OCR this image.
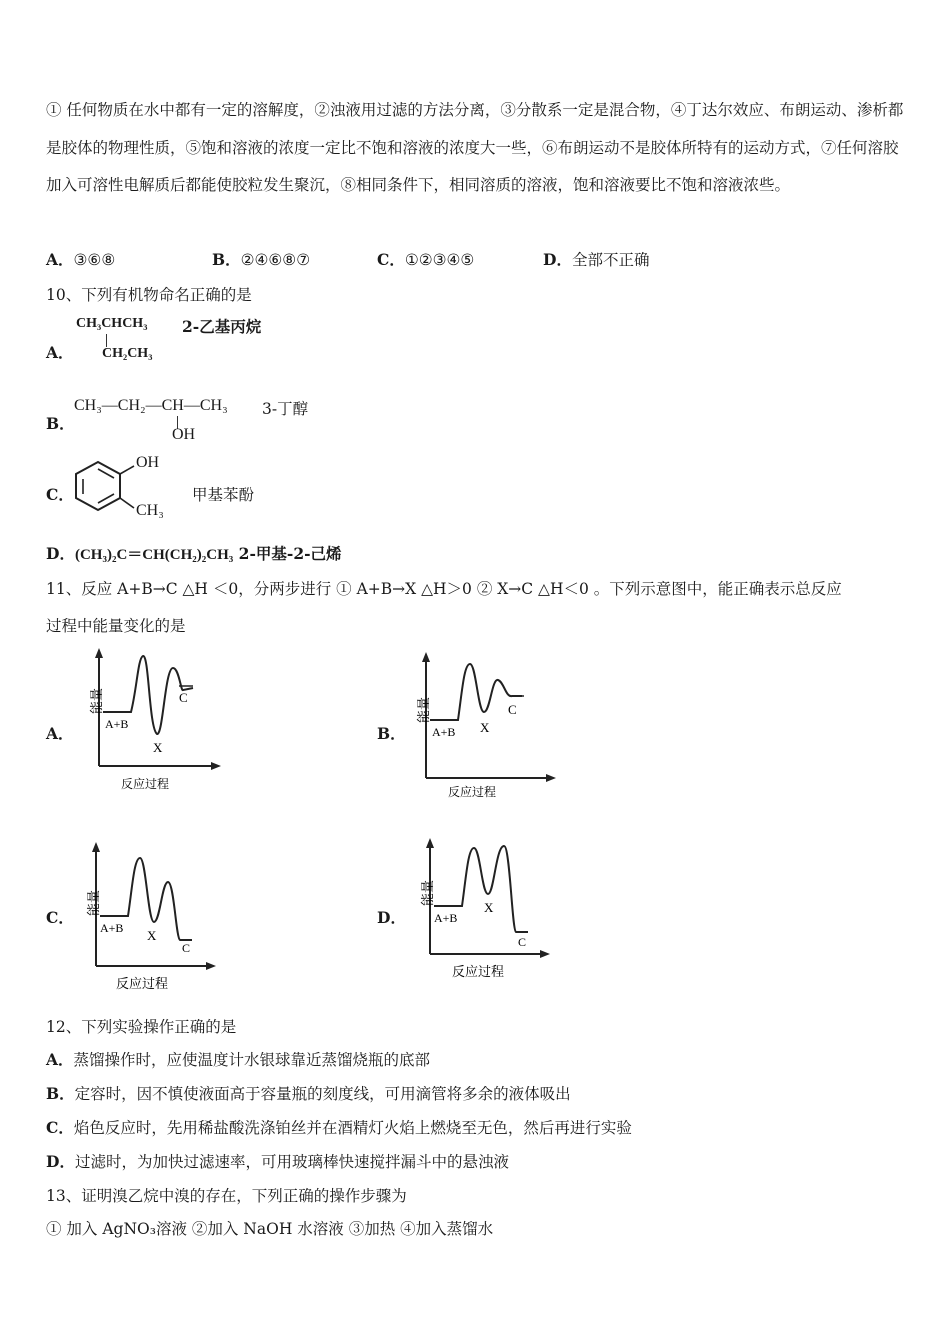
① 任何物质在水中都有一定的溶解度，②浊液用过滤的方法分离，③分散系一定是混合物，④丁达尔效应、布朗运动、渗析都是胶体的物理性质，⑤饱和溶液的浓度一定比不饱和溶液的浓度大一些，⑥布朗运动不是胶体所特有的运动方式，⑦任何溶胶加入可溶性电解质后都能使胶粒发生聚沉，⑧相同条件下，相同溶质的溶液，饱和溶液要比不饱和溶液浓些。
A．③⑥⑧	B．②④⑥⑧⑦	C．①②③④⑤	D．全部不正确
10、下列有机物命名正确的是
A．
CH₃CHCH₃
CH₂CH₃
2-乙基丙烷
B．
CH₃—CH₂—CH—CH₃
OH
3-丁醇
C．
OH
CH₃
甲基苯酚
D．(CH₃)₂C＝CH(CH₂)₂CH₃ 2-甲基-2-己烯
11、反应 A+B→C △H ＜0，分两步进行 ① A+B→X △H＞0 ② X→C △H＜0 。下列示意图中，能正确表示总反应
过程中能量变化的是
A．
能量
A+B
X
C
反应过程
B．
能量
A+B X
C
反应过程
C．
能量
A+B X
C
反应过程
D．
能量
A+B
X
C
反应过程
12、下列实验操作正确的是
A．蒸馏操作时，应使温度计水银球靠近蒸馏烧瓶的底部
B．定容时，因不慎使液面高于容量瓶的刻度线，可用滴管将多余的液体吸出
C．焰色反应时，先用稀盐酸洗涤铂丝并在酒精灯火焰上燃烧至无色，然后再进行实验
D．过滤时，为加快过滤速率，可用玻璃棒快速搅拌漏斗中的悬浊液
13、证明溴乙烷中溴的存在，下列正确的操作步骤为
① 加入 AgNO₃溶液 ②加入 NaOH 水溶液 ③加热 ④加入蒸馏水
